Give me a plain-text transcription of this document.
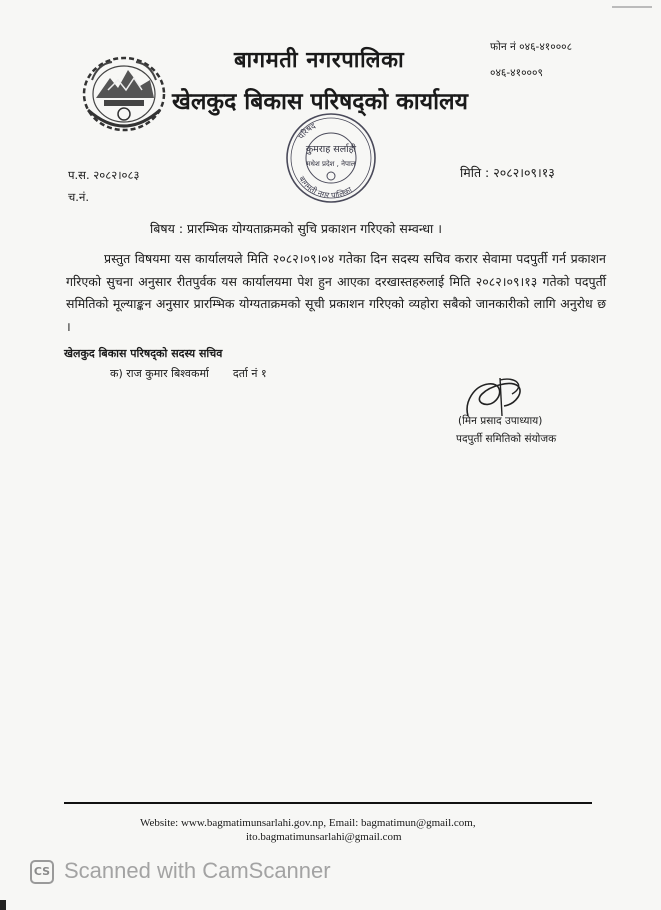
बागमती नगरपालिका
खेलकुद बिकास परिषद्को कार्यालय
फोन नं ०४६-४१०००८
०४६-४१०००९
परिषद
बागमती नगर पालिका
कुमराह सर्लाही
मधेश प्रदेश , नेपाल
प.स. २०८२।०८३
च.नं.
मिति : २०८२।०९।१३
बिषय : प्रारम्भिक योग्यताक्रमको सुचि प्रकाशन गरिएको सम्वन्धा ।
प्रस्तुत विषयमा यस कार्यालयले मिति २०८२।०९।०४ गतेका दिन सदस्य सचिव करार सेवामा पदपुर्ती गर्न प्रकाशन गरिएको सुचना अनुसार रीतपुर्वक यस कार्यालयमा पेश हुन आएका दरखास्तहरुलाई मिति २०८२।०९।१३ गतेको पदपुर्ती समितिको मूल्याङ्कन अनुसार प्रारम्भिक योग्यताक्रमको सूची प्रकाशन गरिएको व्यहोरा सबैको जानकारीको लागि अनुरोध छ ।
खेलकुद बिकास परिषद्को सदस्य सचिव
क) राज कुमार बिश्वकर्मा दर्ता नं १
(मिन प्रसाद उपाध्याय)
पदपुर्ती समितिको संयोजक
Website: www.bagmatimunsarlahi.gov.np, Email: bagmatimun@gmail.com,
ito.bagmatimunsarlahi@gmail.com
CS Scanned with CamScanner
